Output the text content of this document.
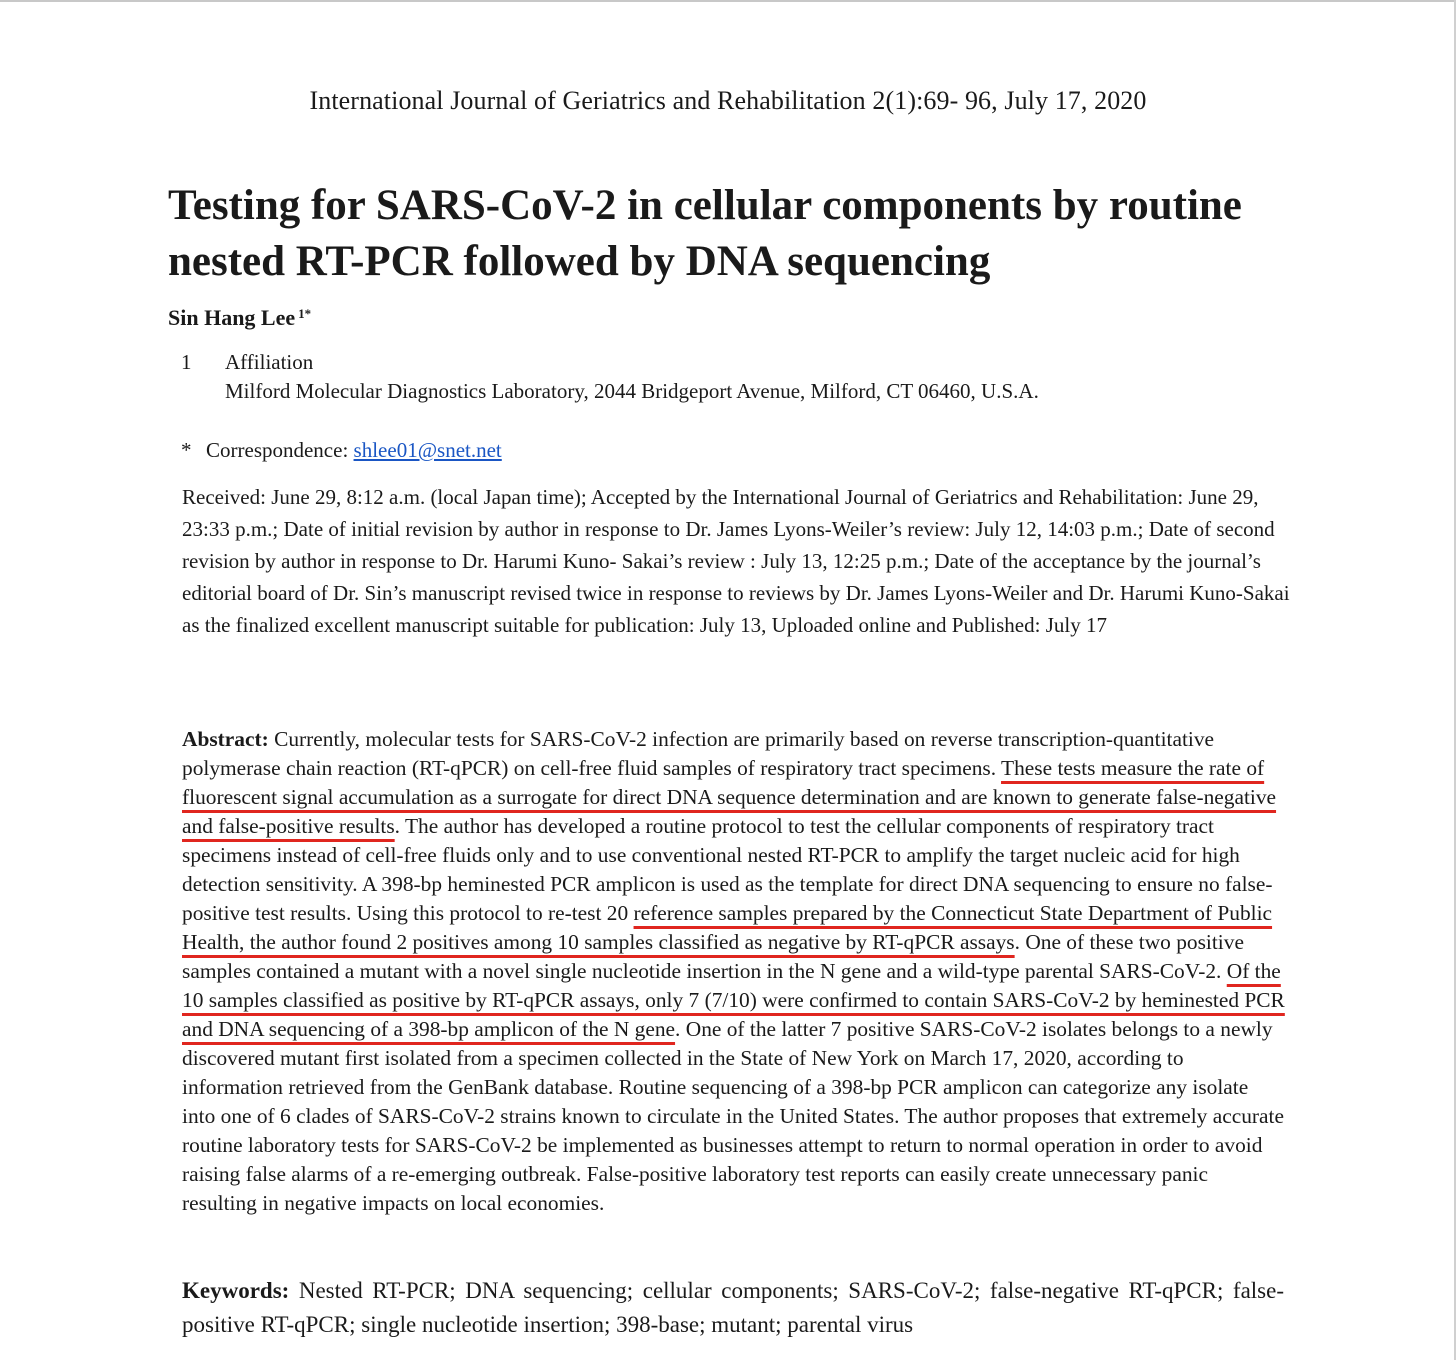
International Journal of Geriatrics and Rehabilitation 2(1):69- 96, July 17, 2020
Testing for SARS-CoV-2 in cellular components by routine nested RT-PCR followed by DNA sequencing
Sin Hang Lee $^{1*}$
1 Affiliation
Milford Molecular Diagnostics Laboratory, 2044 Bridgeport Avenue, Milford, CT 06460, U.S.A.
* Correspondence: shlee01@snet.net

Received: June 29, 8:12 a.m. (local Japan time); Accepted by the International Journal of Geriatrics and Rehabilitation: June 29, 23:33 p.m.; Date of initial revision by author in response to Dr. James Lyons-Weiler’s review: July 12, 14:03 p.m.; Date of second revision by author in response to Dr. Harumi Kuno- Sakai’s review : July 13, 12:25 p.m.; Date of the acceptance by the journal’s editorial board of Dr. Sin’s manuscript revised twice in response to reviews by Dr. James Lyons-Weiler and Dr. Harumi Kuno-Sakai as the finalized excellent manuscript suitable for publication: July 13, Uploaded online and Published: July 17

Abstract: Currently, molecular tests for SARS-CoV-2 infection are primarily based on reverse transcription-quantitative polymerase chain reaction (RT-qPCR) on cell-free fluid samples of respiratory tract specimens. These tests measure the rate of fluorescent signal accumulation as a surrogate for direct DNA sequence determination and are known to generate false-negative and false-positive results. The author has developed a routine protocol to test the cellular components of respiratory tract specimens instead of cell-free fluids only and to use conventional nested RT-PCR to amplify the target nucleic acid for high detection sensitivity. A 398-bp heminested PCR amplicon is used as the template for direct DNA sequencing to ensure no false-positive test results. Using this protocol to re-test 20 reference samples prepared by the Connecticut State Department of Public Health, the author found 2 positives among 10 samples classified as negative by RT-qPCR assays. One of these two positive samples contained a mutant with a novel single nucleotide insertion in the N gene and a wild-type parental SARS-CoV-2. Of the 10 samples classified as positive by RT-qPCR assays, only 7 (7/10) were confirmed to contain SARS-CoV-2 by heminested PCR and DNA sequencing of a 398-bp amplicon of the N gene. One of the latter 7 positive SARS-CoV-2 isolates belongs to a newly discovered mutant first isolated from a specimen collected in the State of New York on March 17, 2020, according to information retrieved from the GenBank database. Routine sequencing of a 398-bp PCR amplicon can categorize any isolate into one of 6 clades of SARS-CoV-2 strains known to circulate in the United States. The author proposes that extremely accurate routine laboratory tests for SARS-CoV-2 be implemented as businesses attempt to return to normal operation in order to avoid raising false alarms of a re-emerging outbreak. False-positive laboratory test reports can easily create unnecessary panic resulting in negative impacts on local economies.

Keywords: Nested RT-PCR; DNA sequencing; cellular components; SARS-CoV-2; false-negative RT-qPCR; false-positive RT-qPCR; single nucleotide insertion; 398-base; mutant; parental virus
